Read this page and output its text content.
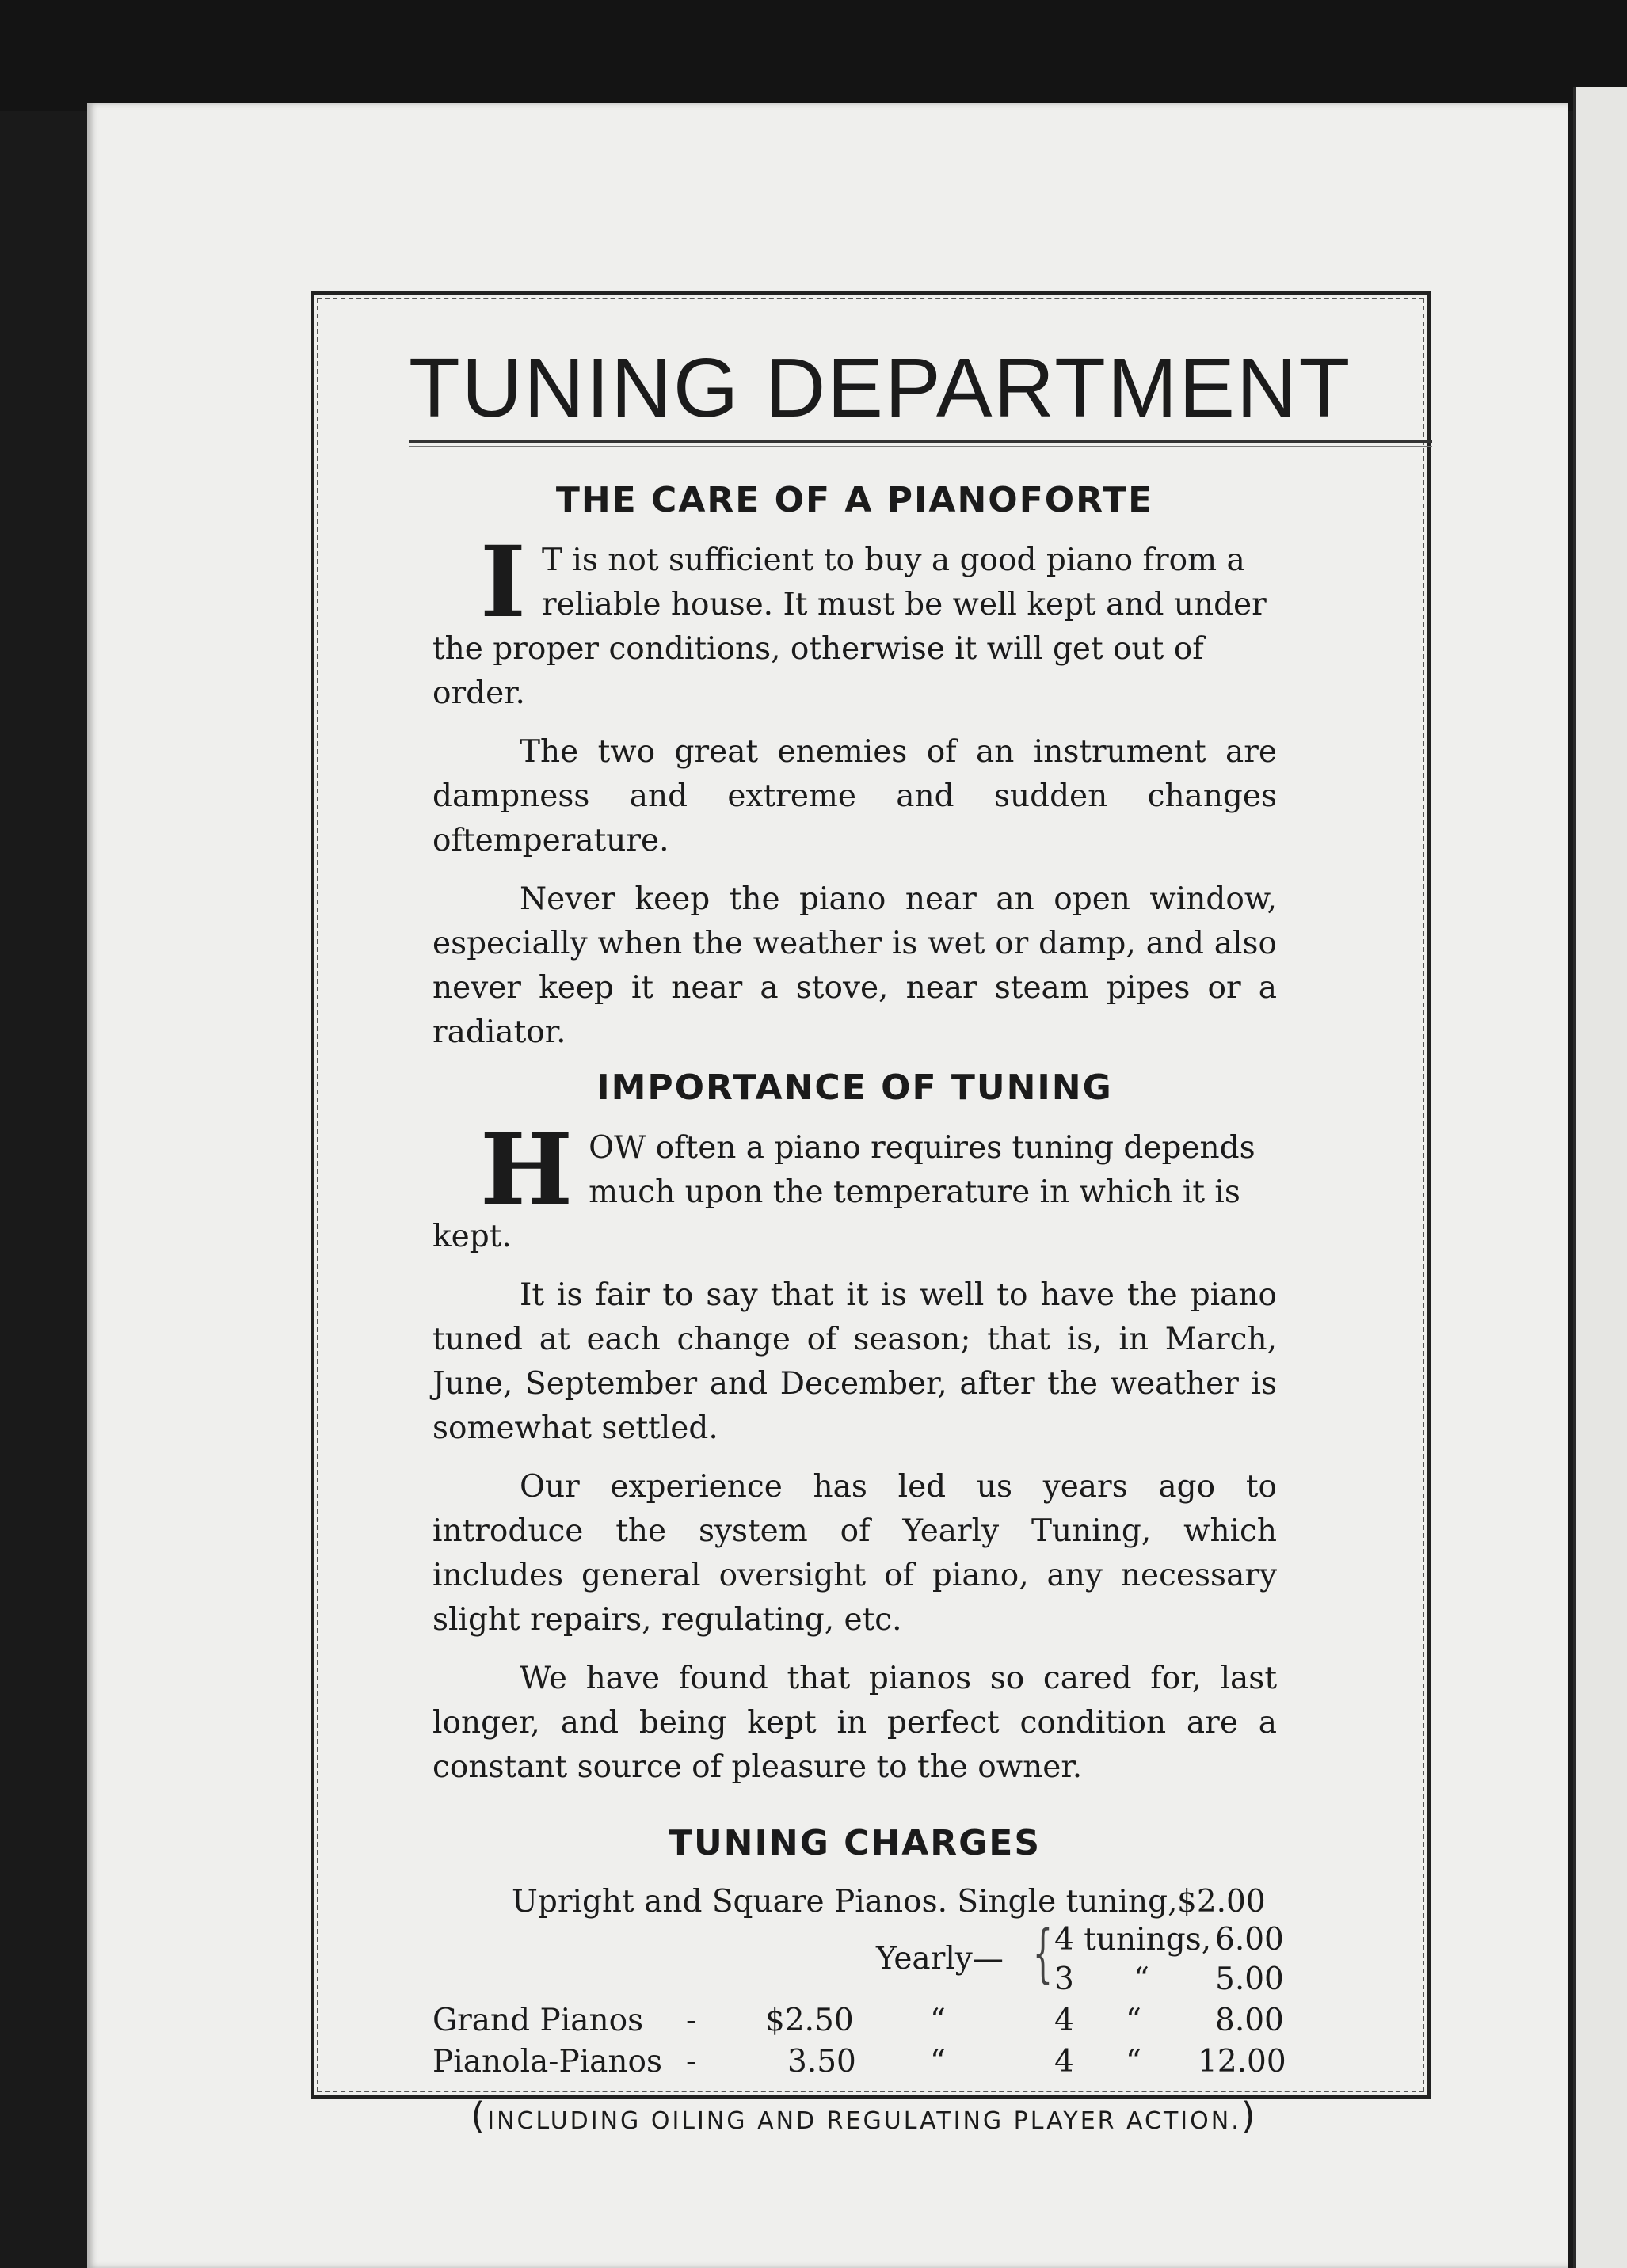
TUNING DEPARTMENT
THE CARE OF A PIANOFORTE
I T is not sufficient to buy a good piano from a reliable house. It must be well kept and under the proper conditions, otherwise it will get out of order.

The two great enemies of an instrument are dampness and extreme and sudden changes oftemperature.

Never keep the piano near an open window, especially when the weather is wet or damp, and also never keep it near a stove, near steam pipes or a radiator.

IMPORTANCE OF TUNING
H OW often a piano requires tuning depends much upon the temperature in which it is kept.

It is fair to say that it is well to have the piano tuned at each change of season; that is, in March, June, September and December, after the weather is somewhat settled.

Our experience has led us years ago to introduce the system of Yearly Tuning, which includes general oversight of piano, any necessary slight repairs, regulating, etc.

We have found that pianos so cared for, last longer, and being kept in perfect condition are a constant source of pleasure to the owner.

TUNING CHARGES
Upright and Square Pianos. Single tuning, $2.00
Yearly— { 4 tunings, 6.00
3 “ 5.00
Grand Pianos - $2.50 “	4 “ 8.00
Pianola-Pianos -	3.50 “	4 “ 12.00
(INCLUDING OILING AND REGULATING PLAYER ACTION.)
